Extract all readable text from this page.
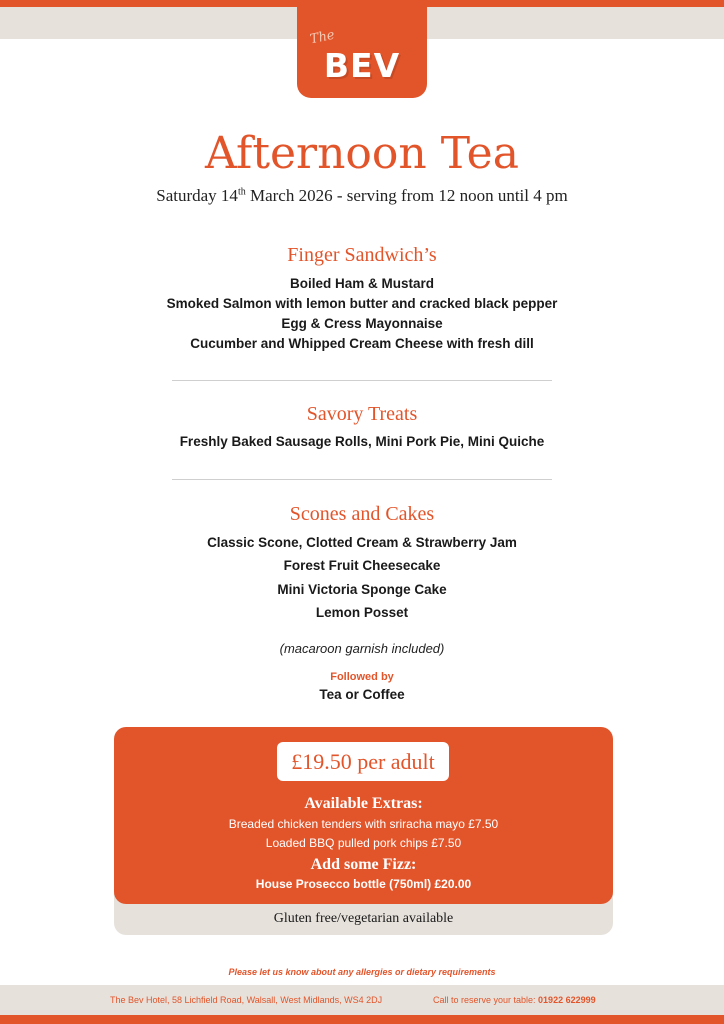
The
BEV
Afternoon Tea
Saturday 14th March 2026 - serving from 12 noon until 4 pm
Finger Sandwich’s
Boiled Ham & Mustard
Smoked Salmon with lemon butter and cracked black pepper
Egg & Cress Mayonnaise
Cucumber and Whipped Cream Cheese with fresh dill
Savory Treats
Freshly Baked Sausage Rolls, Mini Pork Pie, Mini Quiche
Scones and Cakes
Classic Scone, Clotted Cream & Strawberry Jam
Forest Fruit Cheesecake
Mini Victoria Sponge Cake
Lemon Posset
(macaroon garnish included)
Followed by
Tea or Coffee
£19.50 per adult
Available Extras:
Breaded chicken tenders with sriracha mayo £7.50
Loaded BBQ pulled pork chips £7.50
Add some Fizz:
House Prosecco bottle (750ml) £20.00
Gluten free/vegetarian available
Please let us know about any allergies or dietary requirements
The Bev Hotel, 58 Lichfield Road, Walsall, West Midlands, WS4 2DJ	Call to reserve your table: 01922 622999
